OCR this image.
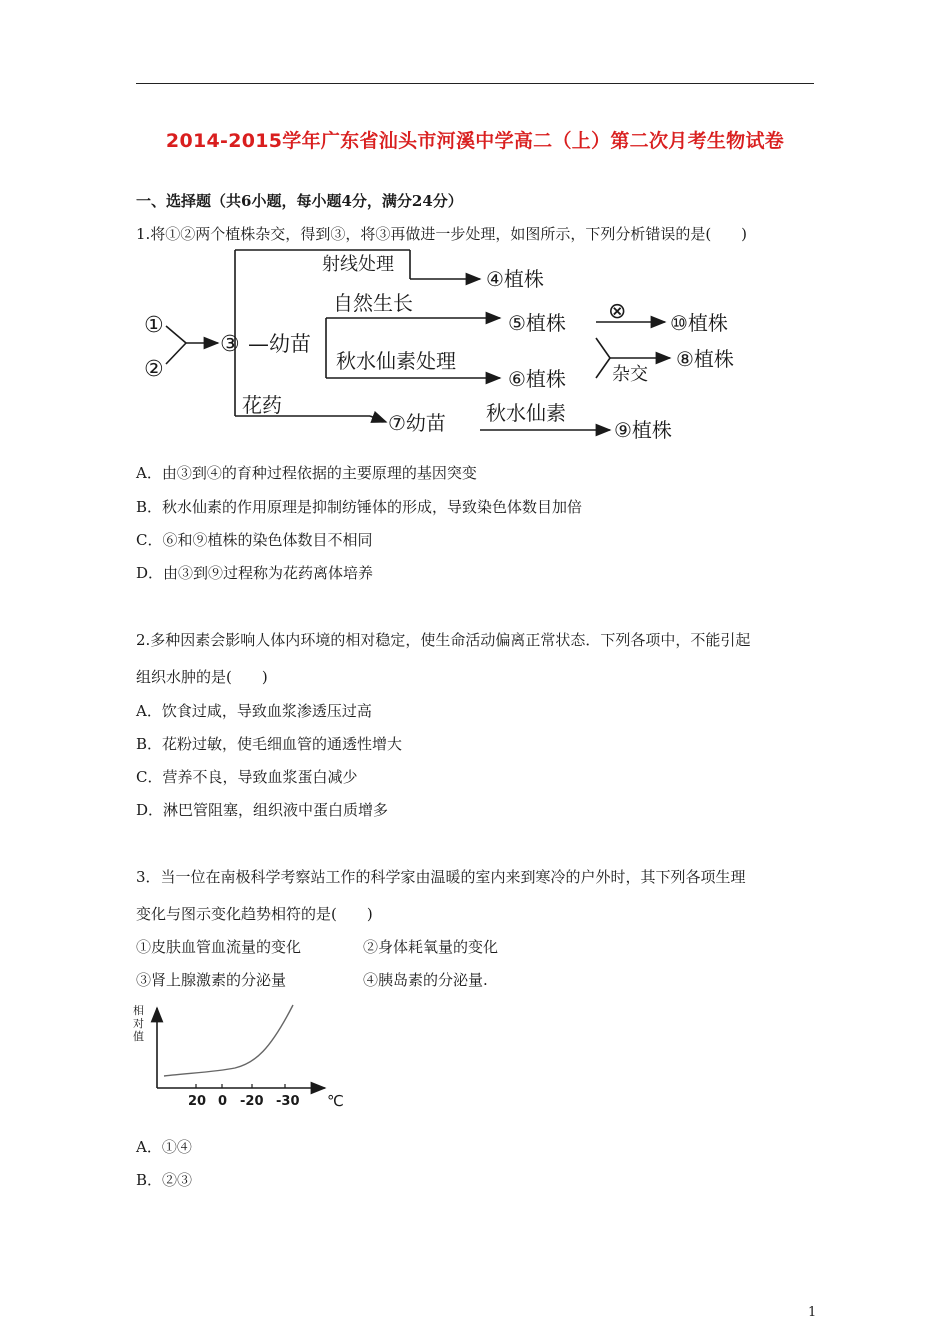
2014-2015学年广东省汕头市河溪中学高二（上）第二次月考生物试卷
一、选择题（共6小题，每小题4分，满分24分）
1.将①②两个植株杂交，得到③，将③再做进一步处理，如图所示，下列分析错误的是(　　)
①
②
③ —幼苗
射线处理
④植株
自然生长
⑤植株 ⊗ ⑩植株
秋水仙素处理
⑥植株	杂交
⑧植株
花药
⑦幼苗 秋水仙素
⑨植株
A．由③到④的育种过程依据的主要原理的基因突变
B．秋水仙素的作用原理是抑制纺锤体的形成，导致染色体数目加倍
C．⑥和⑨植株的染色体数目不相同
D．由③到⑨过程称为花药离体培养
2.多种因素会影响人体内环境的相对稳定，使生命活动偏离正常状态．下列各项中，不能引起
组织水肿的是(　　)
A．饮食过咸，导致血浆渗透压过高
B．花粉过敏，使毛细血管的通透性增大
C．营养不良，导致血浆蛋白减少
D．淋巴管阻塞，组织液中蛋白质增多
3．当一位在南极科学考察站工作的科学家由温暖的室内来到寒冷的户外时，其下列各项生理
变化与图示变化趋势相符的是(　　)
①皮肤血管血流量的变化	②身体耗氧量的变化
③肾上腺激素的分泌量	④胰岛素的分泌量.
相
对
值
20 0 -20 -30 ℃
A．①④
B．②③
1
